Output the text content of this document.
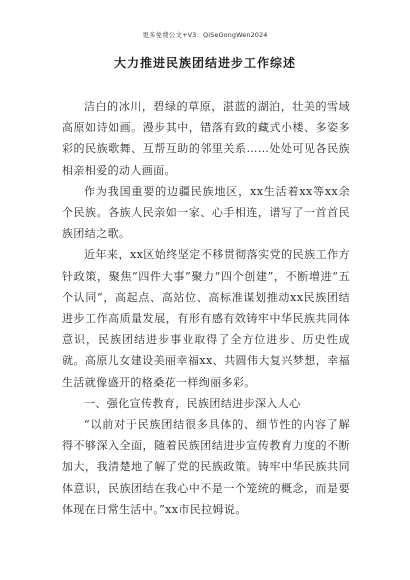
更多免费公文+V3：QiSeGongWen2024
大力推进民族团结进步工作综述

洁白的冰川，碧绿的草原，湛蓝的湖泊，壮美的雪域高原如诗如画。漫步其中，错落有致的藏式小楼、多姿多彩的民族歌舞、互帮互助的邻里关系……处处可见各民族相亲相爱的动人画面。

作为我国重要的边疆民族地区，xx生活着xx等xx余个民族。各族人民亲如一家、心手相连，谱写了一首首民族团结之歌。

近年来，xx区始终坚定不移贯彻落实党的民族工作方针政策，聚焦“四件大事”聚力“四个创建”，不断增进“五个认同”，高起点、高站位、高标准谋划推动xx民族团结进步工作高质量发展，有形有感有效铸牢中华民族共同体意识，民族团结进步事业取得了全方位进步、历史性成就。高原儿女建设美丽幸福xx、共圆伟大复兴梦想，幸福生活就像盛开的格桑花一样绚丽多彩。

一、强化宣传教育，民族团结进步深入人心

“以前对于民族团结很多具体的、细节性的内容了解得不够深入全面，随着民族团结进步宣传教育力度的不断加大，我清楚地了解了党的民族政策。铸牢中华民族共同体意识，民族团结在我心中不是一个笼统的概念，而是要体现在日常生活中。”xx市民拉姆说。
